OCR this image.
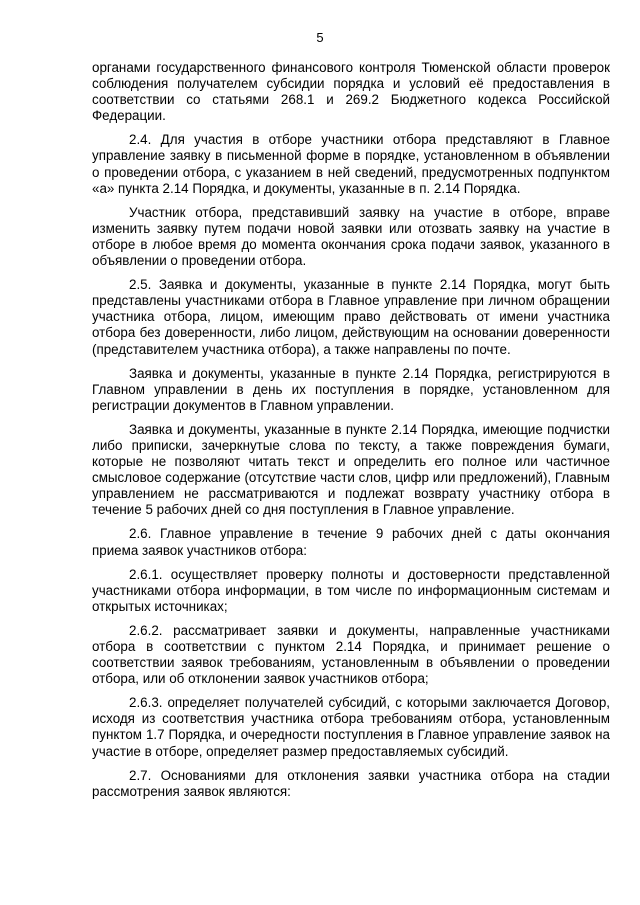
5

органами государственного финансового контроля Тюменской области проверок соблюдения получателем субсидии порядка и условий её предоставления в соответствии со статьями 268.1 и 269.2 Бюджетного кодекса Российской Федерации.

2.4. Для участия в отборе участники отбора представляют в Главное управление заявку в письменной форме в порядке, установленном в объявлении о проведении отбора, с указанием в ней сведений, предусмотренных подпунктом «а» пункта 2.14 Порядка, и документы, указанные в п. 2.14 Порядка.

Участник отбора, представивший заявку на участие в отборе, вправе изменить заявку путем подачи новой заявки или отозвать заявку на участие в отборе в любое время до момента окончания срока подачи заявок, указанного в объявлении о проведении отбора.

2.5. Заявка и документы, указанные в пункте 2.14 Порядка, могут быть представлены участниками отбора в Главное управление при личном обращении участника отбора, лицом, имеющим право действовать от имени участника отбора без доверенности, либо лицом, действующим на основании доверенности (представителем участника отбора), а также направлены по почте.

Заявка и документы, указанные в пункте 2.14 Порядка, регистрируются в Главном управлении в день их поступления в порядке, установленном для регистрации документов в Главном управлении.

Заявка и документы, указанные в пункте 2.14 Порядка, имеющие подчистки либо приписки, зачеркнутые слова по тексту, а также повреждения бумаги, которые не позволяют читать текст и определить его полное или частичное смысловое содержание (отсутствие части слов, цифр или предложений), Главным управлением не рассматриваются и подлежат возврату участнику отбора в течение 5 рабочих дней со дня поступления в Главное управление.

2.6. Главное управление в течение 9 рабочих дней с даты окончания приема заявок участников отбора:

2.6.1. осуществляет проверку полноты и достоверности представленной участниками отбора информации, в том числе по информационным системам и открытых источниках;

2.6.2. рассматривает заявки и документы, направленные участниками отбора в соответствии с пунктом 2.14 Порядка, и принимает решение о соответствии заявок требованиям, установленным в объявлении о проведении отбора, или об отклонении заявок участников отбора;

2.6.3. определяет получателей субсидий, с которыми заключается Договор, исходя из соответствия участника отбора требованиям отбора, установленным пунктом 1.7 Порядка, и очередности поступления в Главное управление заявок на участие в отборе, определяет размер предоставляемых субсидий.

2.7. Основаниями для отклонения заявки участника отбора на стадии рассмотрения заявок являются:
